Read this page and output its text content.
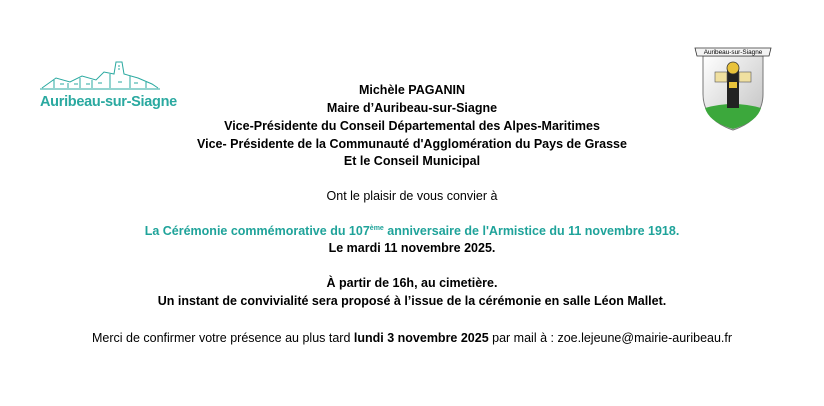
Auribeau-sur-Siagne
Auribeau-sur-Siagne
Michèle PAGANIN
Maire d’Auribeau-sur-Siagne
Vice-Présidente du Conseil Départemental des Alpes-Maritimes
Vice- Présidente de la Communauté d'Agglomération du Pays de Grasse
Et le Conseil Municipal
Ont le plaisir de vous convier à
La Cérémonie commémorative du 107ème anniversaire de l'Armistice du 11 novembre 1918.
Le mardi 11 novembre 2025.
À partir de 16h, au cimetière.
Un instant de convivialité sera proposé à l’issue de la cérémonie en salle Léon Mallet.
Merci de confirmer votre présence au plus tard lundi 3 novembre 2025 par mail à : zoe.lejeune@mairie-auribeau.fr
